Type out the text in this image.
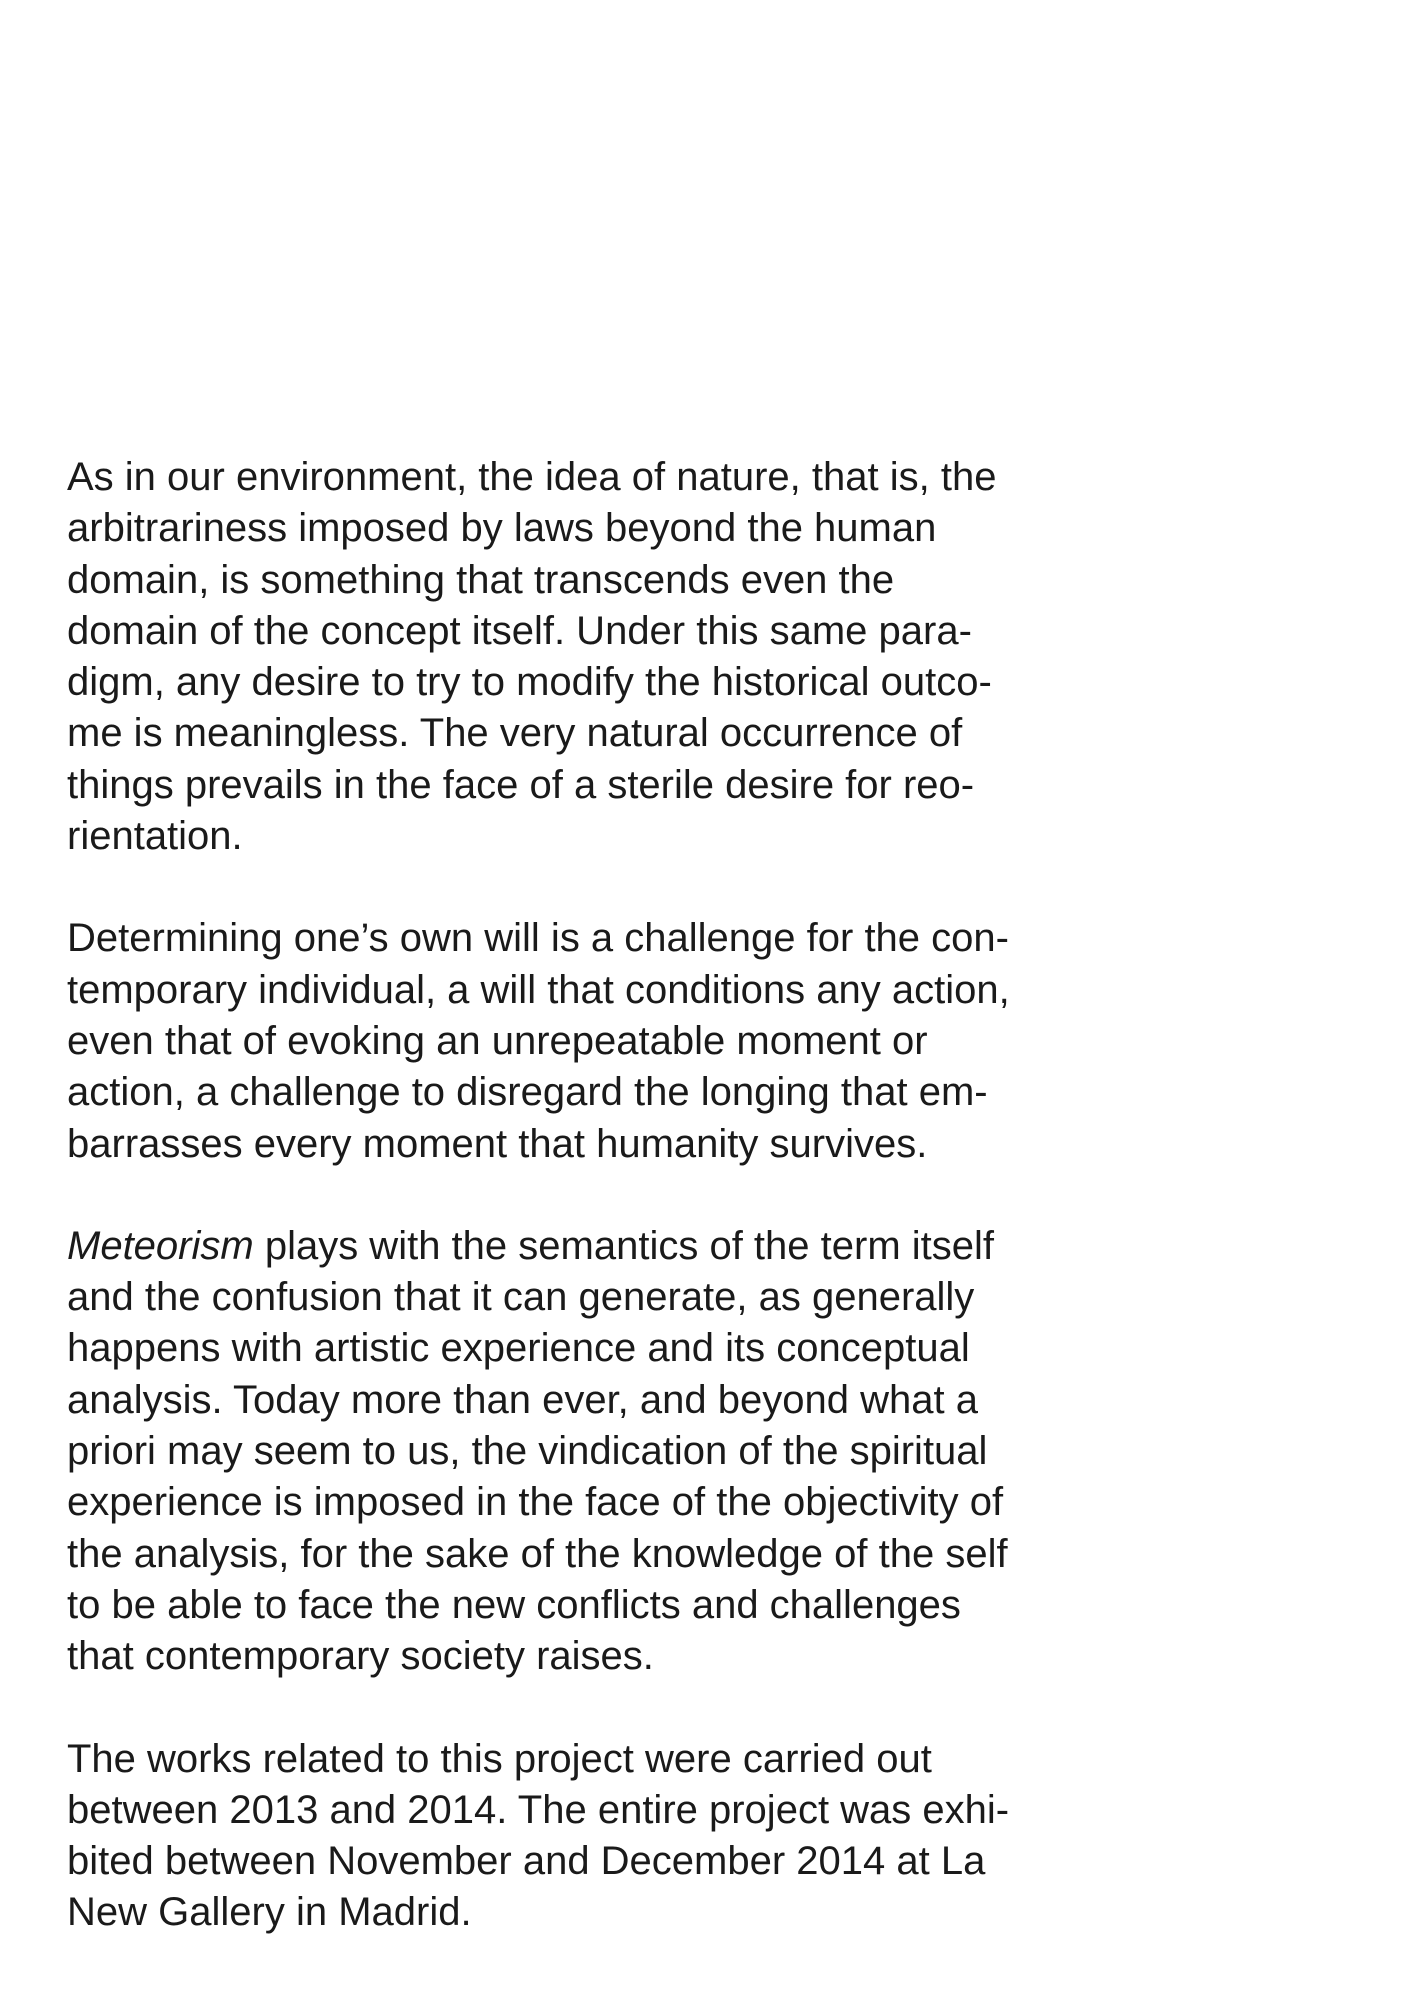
As in our environment, the idea of nature, that is, the
arbitrariness imposed by laws beyond the human
domain, is something that transcends even the
domain of the concept itself. Under this same para-
digm, any desire to try to modify the historical outco-
me is meaningless. The very natural occurrence of
things prevails in the face of a sterile desire for reo-
rientation.

Determining one’s own will is a challenge for the con-
temporary individual, a will that conditions any action,
even that of evoking an unrepeatable moment or
action, a challenge to disregard the longing that em-
barrasses every moment that humanity survives.

Meteorism plays with the semantics of the term itself
and the confusion that it can generate, as generally
happens with artistic experience and its conceptual
analysis. Today more than ever, and beyond what a
priori may seem to us, the vindication of the spiritual
experience is imposed in the face of the objectivity of
the analysis, for the sake of the knowledge of the self
to be able to face the new conflicts and challenges
that contemporary society raises.

The works related to this project were carried out
between 2013 and 2014. The entire project was exhi-
bited between November and December 2014 at La
New Gallery in Madrid.
